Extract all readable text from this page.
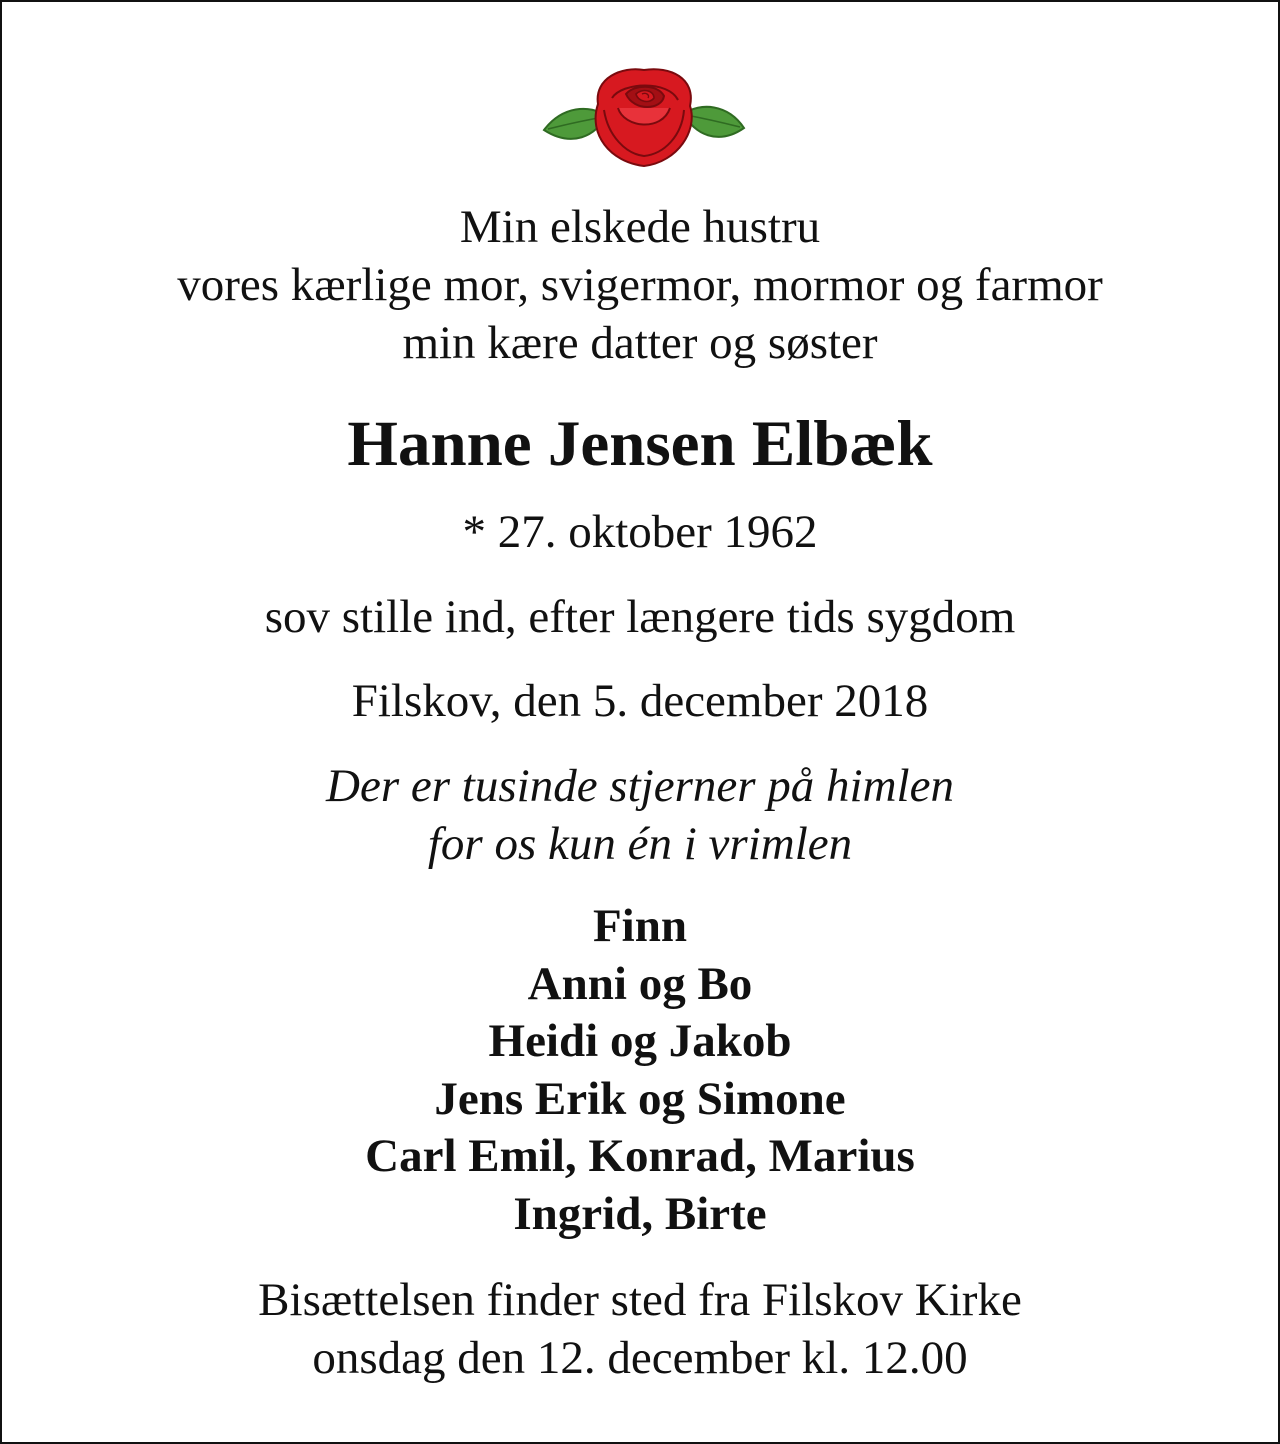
Min elskede hustru
vores kærlige mor, svigermor, mormor og farmor
min kære datter og søster
Hanne Jensen Elbæk
* 27. oktober 1962
sov stille ind, efter længere tids sygdom
Filskov, den 5. december 2018
Der er tusinde stjerner på himlen
for os kun én i vrimlen
Finn
Anni og Bo
Heidi og Jakob
Jens Erik og Simone
Carl Emil, Konrad, Marius
Ingrid, Birte
Bisættelsen finder sted fra Filskov Kirke
onsdag den 12. december kl. 12.00
